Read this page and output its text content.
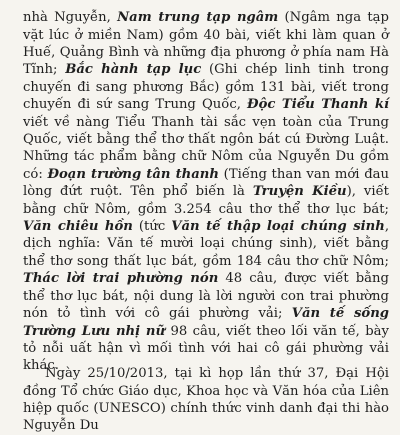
nhà Nguyễn, Nam trung tạp ngâm (Ngâm nga tạp vặt lúc ở miền Nam) gồm 40 bài, viết khi làm quan ở Huế, Quảng Bình và những địa phương ở phía nam Hà Tĩnh; Bắc hành tạp lục (Ghi chép linh tinh trong chuyến đi sang phương Bắc) gồm 131 bài, viết trong chuyến đi sứ sang Trung Quốc, Độc Tiểu Thanh kí viết về nàng Tiểu Thanh tài sắc vẹn toàn của Trung Quốc, viết bằng thể thơ thất ngôn bát cú Đường Luật. Những tác phẩm bằng chữ Nôm của Nguyễn Du gồm có: Đoạn trường tân thanh (Tiếng than van mới đau lòng đứt ruột. Tên phổ biến là Truyện Kiều), viết bằng chữ Nôm, gồm 3.254 câu thơ thể thơ lục bát; Văn chiêu hồn (tức Văn tế thập loại chúng sinh, dịch nghĩa: Văn tế mười loại chúng sinh), viết bằng thể thơ song thất lục bát, gồm 184 câu thơ chữ Nôm; Thác lời trai phường nón 48 câu, được viết bằng thể thơ lục bát, nội dung là lời người con trai phường nón tỏ tình với cô gái phường vải; Văn tế sống Trường Lưu nhị nữ 98 câu, viết theo lối văn tế, bày tỏ nỗi uất hận vì mối tình với hai cô gái phường vải khác.

Ngày 25/10/2013, tại kì họp lần thứ 37, Đại Hội đồng Tổ chức Giáo dục, Khoa học và Văn hóa của Liên hiệp quốc (UNESCO) chính thức vinh danh đại thi hào Nguyễn Du
